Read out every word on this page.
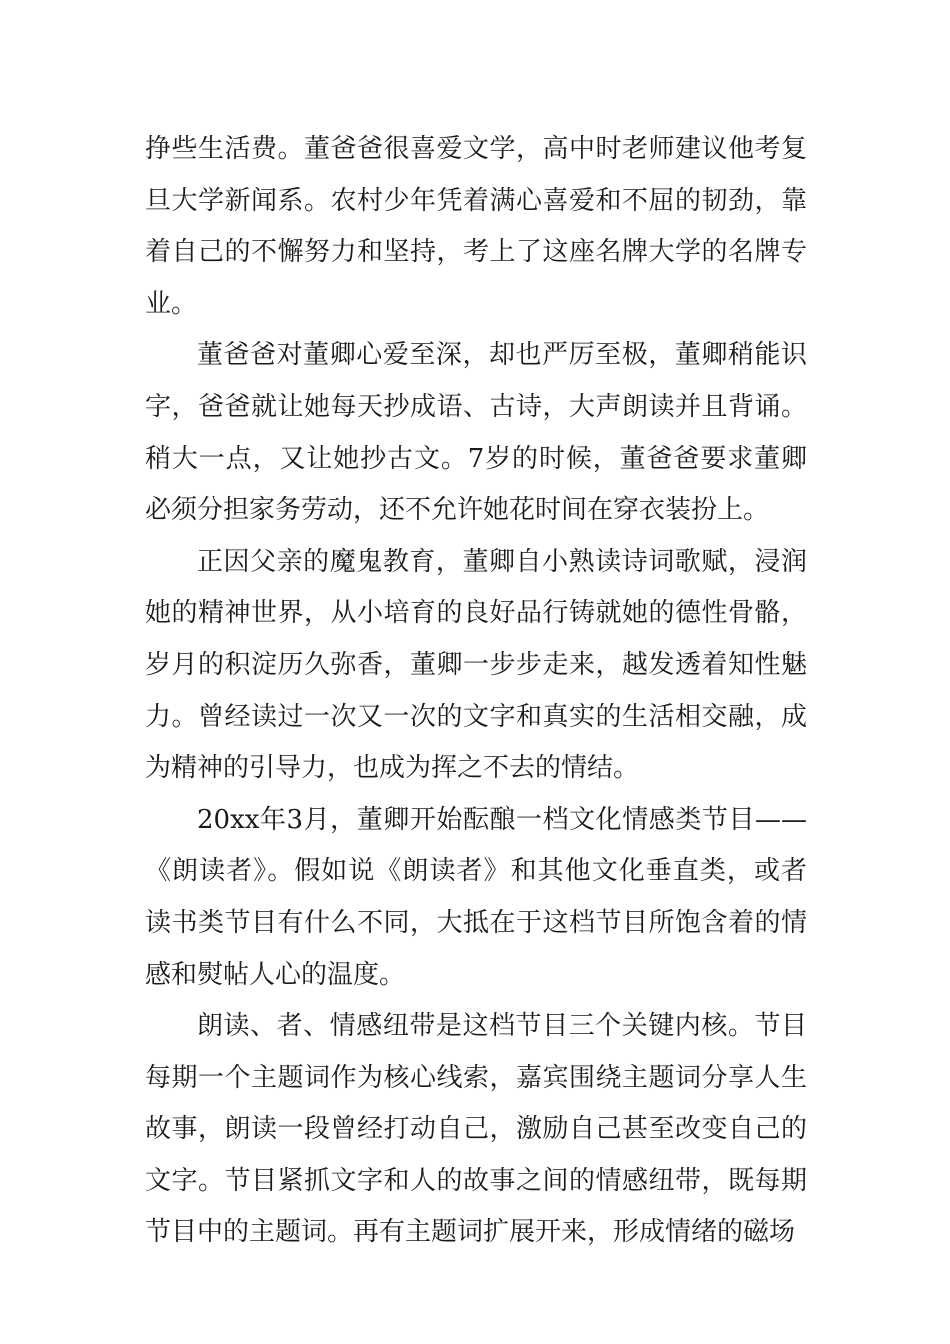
挣些生活费。董爸爸很喜爱文学，高中时老师建议他考复旦大学新闻系。农村少年凭着满心喜爱和不屈的韧劲，靠着自己的不懈努力和坚持，考上了这座名牌大学的名牌专业。

董爸爸对董卿心爱至深，却也严厉至极，董卿稍能识字，爸爸就让她每天抄成语、古诗，大声朗读并且背诵。稍大一点，又让她抄古文。7岁的时候，董爸爸要求董卿必须分担家务劳动，还不允许她花时间在穿衣装扮上。

正因父亲的魔鬼教育，董卿自小熟读诗词歌赋，浸润她的精神世界，从小培育的良好品行铸就她的德性骨骼，岁月的积淀历久弥香，董卿一步步走来，越发透着知性魅力。曾经读过一次又一次的文字和真实的生活相交融，成为精神的引导力，也成为挥之不去的情结。

20xx年3月，董卿开始酝酿一档文化情感类节目——《朗读者》。假如说《朗读者》和其他文化垂直类，或者读书类节目有什么不同，大抵在于这档节目所饱含着的情感和熨帖人心的温度。

朗读、者、情感纽带是这档节目三个关键内核。节目每期一个主题词作为核心线索，嘉宾围绕主题词分享人生故事，朗读一段曾经打动自己，激励自己甚至改变自己的文字。节目紧抓文字和人的故事之间的情感纽带，既每期节目中的主题词。再有主题词扩展开来，形成情绪的磁场
